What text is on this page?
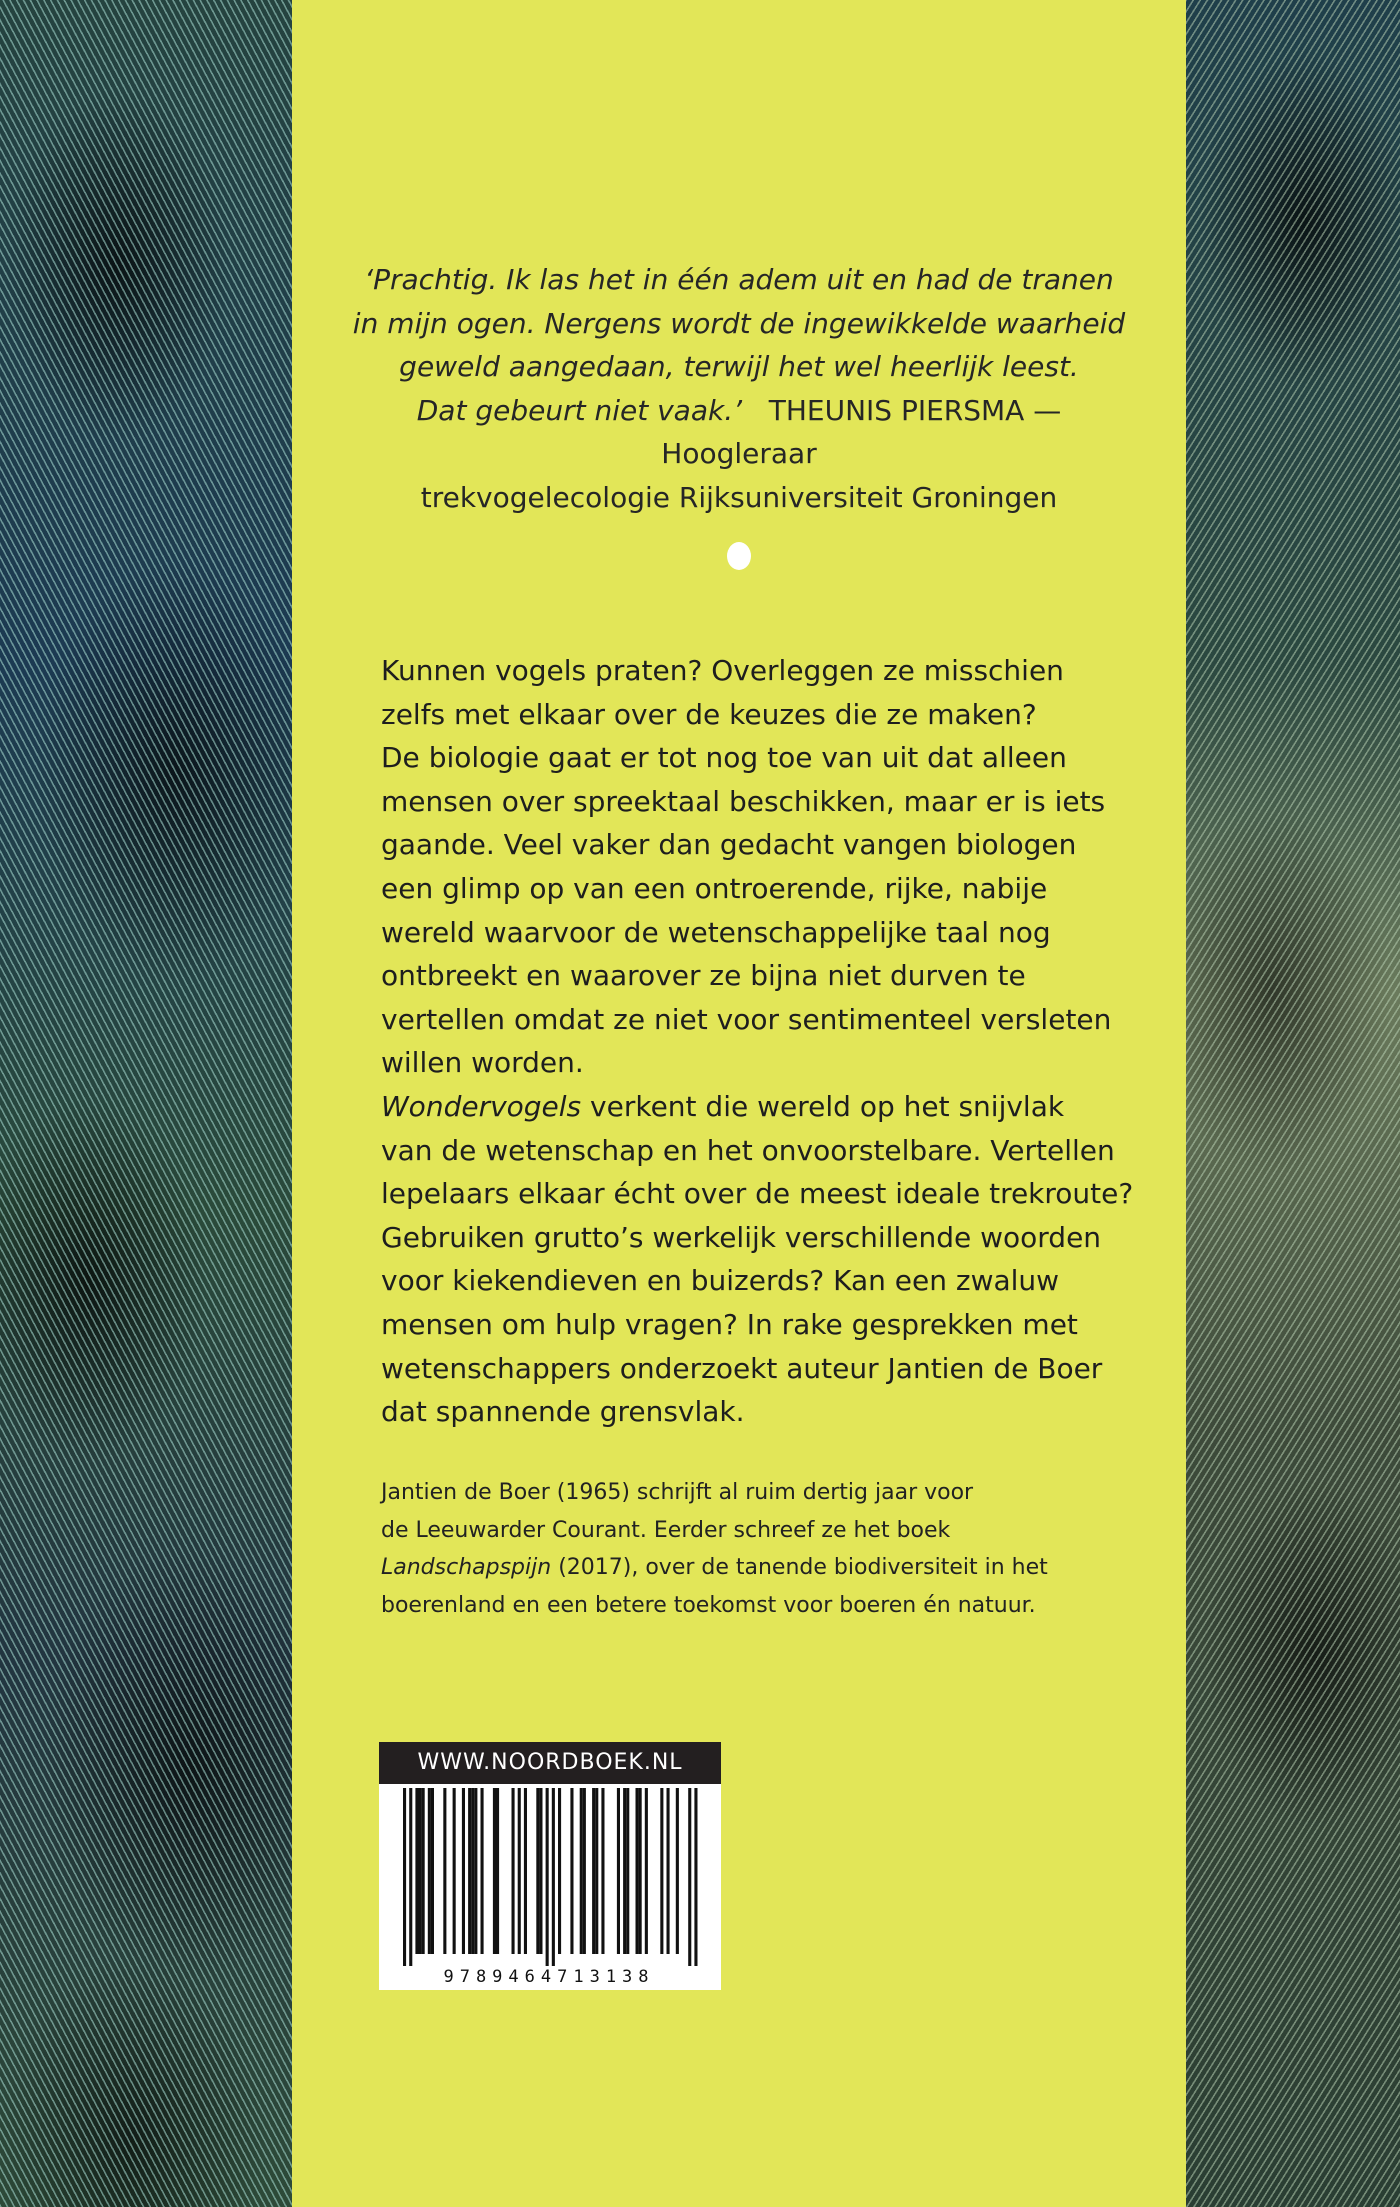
‘Prachtig. Ik las het in één adem uit en had de tranen
in mijn ogen. Nergens wordt de ingewikkelde waarheid
geweld aangedaan, terwijl het wel heerlijk leest.
Dat gebeurt niet vaak.’ THEUNIS PIERSMA — Hoogleraar
trekvogelecologie Rijksuniversiteit Groningen

Kunnen vogels praten? Overleggen ze misschien
zelfs met elkaar over de keuzes die ze maken?
De biologie gaat er tot nog toe van uit dat alleen
mensen over spreektaal beschikken, maar er is iets
gaande. Veel vaker dan gedacht vangen biologen
een glimp op van een ontroerende, rijke, nabije
wereld waarvoor de wetenschappelijke taal nog
ontbreekt en waarover ze bijna niet durven te
vertellen omdat ze niet voor sentimenteel versleten
willen worden.

Wondervogels verkent die wereld op het snijvlak
van de wetenschap en het onvoorstelbare. Vertellen
lepelaars elkaar écht over de meest ideale trekroute?
Gebruiken grutto’s werkelijk verschillende woorden
voor kiekendieven en buizerds? Kan een zwaluw
mensen om hulp vragen? In rake gesprekken met
wetenschappers onderzoekt auteur Jantien de Boer
dat spannende grensvlak.

Jantien de Boer (1965) schrijft al ruim dertig jaar voor
de Leeuwarder Courant. Eerder schreef ze het boek
Landschapspijn (2017), over de tanende biodiversiteit in het
boerenland en een betere toekomst voor boeren én natuur.

WWW.NOORDBOEK.NL
9789464713138
